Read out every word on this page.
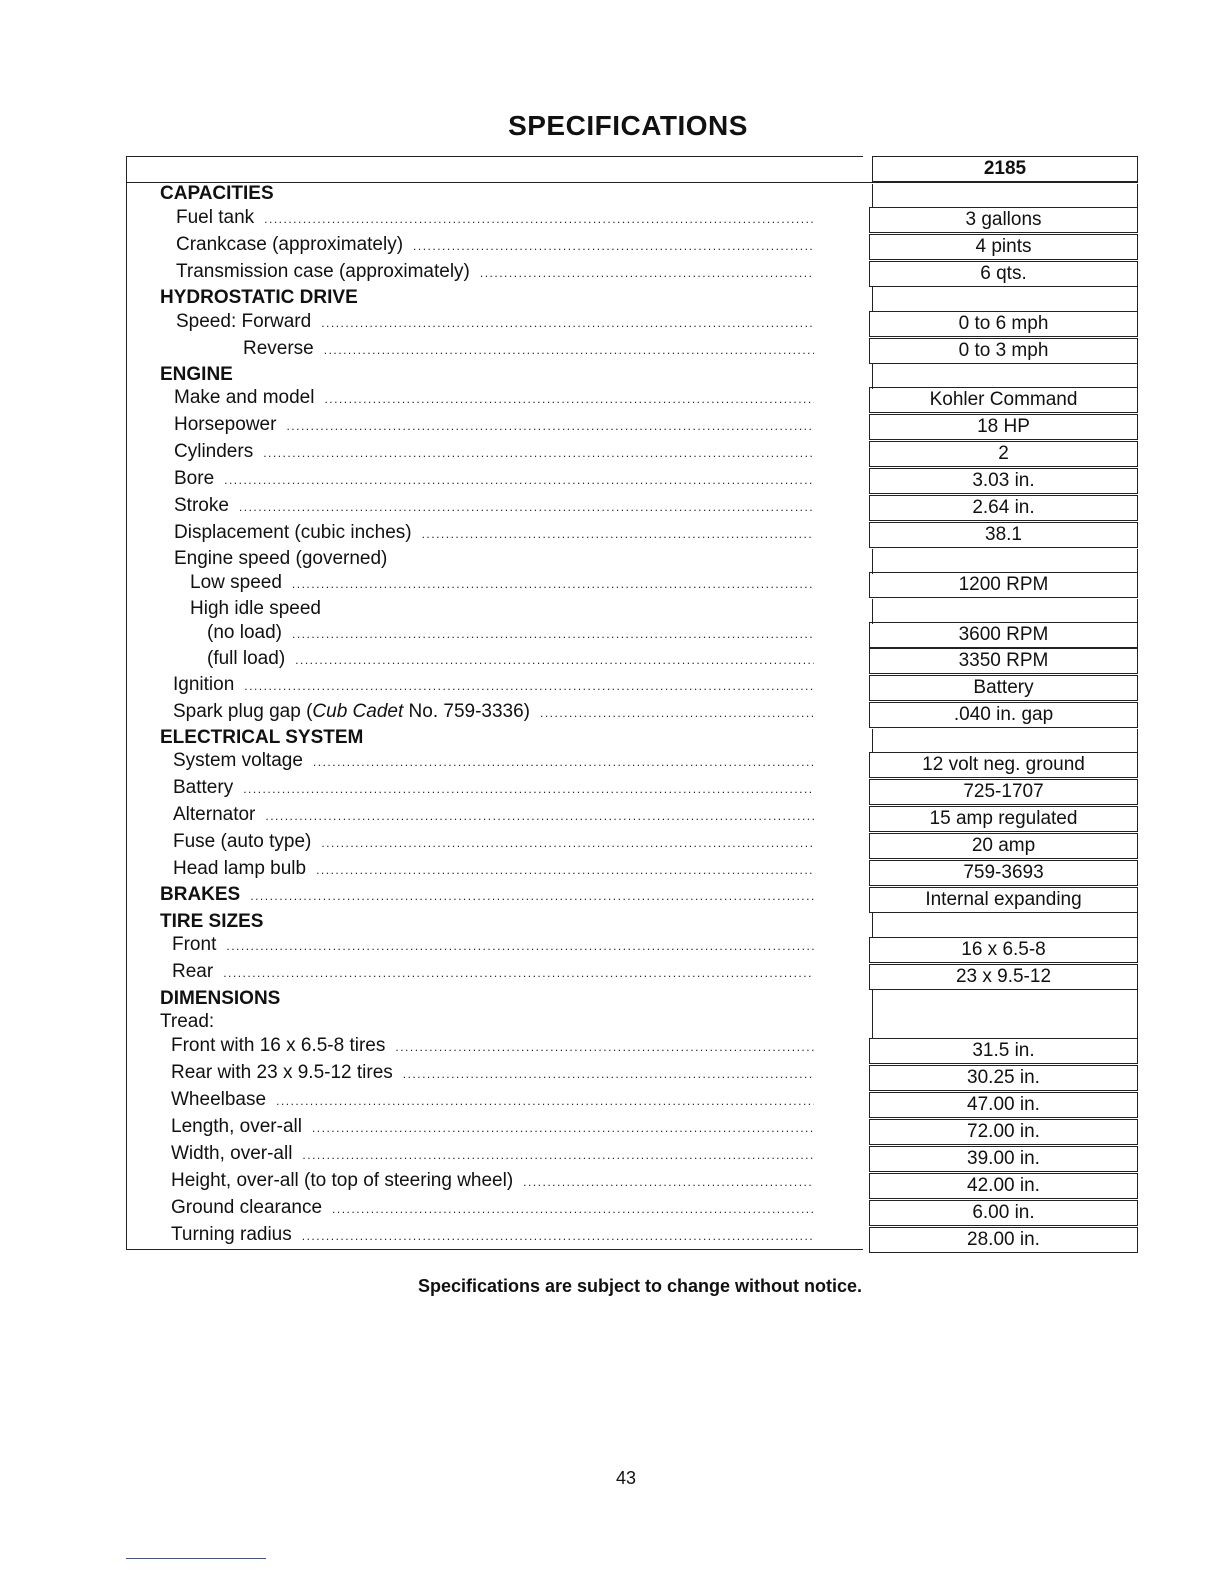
SPECIFICATIONS
2185
CAPACITIES
Fuel tank
.....
Crankcase (approximately)
.....
Transmission case (approximately)
.....
HYDROSTATIC DRIVE
Speed: Forward
.....
Reverse
.....
ENGINE
Make and model
.....
Horsepower
.....
Cylinders
.....
Bore
.....
Stroke
.....
Displacement (cubic inches)
.....
Engine speed (governed)
Low speed
.....
High idle speed
(no load)
.....
(full load)
.....
Ignition
.....
Spark plug gap (Cub Cadet No. 759-3336)
.....
ELECTRICAL SYSTEM
System voltage
.....
Battery
.....
Alternator
.....
Fuse (auto type)
.....
Head lamp bulb
.....
BRAKES
.....
TIRE SIZES
Front
.....
Rear
.....
DIMENSIONS
Tread:
Front with 16 x 6.5-8 tires
.....
Rear with 23 x 9.5-12 tires
.....
Wheelbase
.....
Length, over-all
.....
Width, over-all
.....
Height, over-all (to top of steering wheel)
.....
Ground clearance
.....
Turning radius
.....
3 gallons
4 pints
6 qts.
0 to 6 mph
0 to 3 mph
Kohler Command
18 HP
2
3.03 in.
2.64 in.
38.1
1200 RPM
3600 RPM
3350 RPM
Battery
.040 in. gap
12 volt neg. ground
725-1707
15 amp regulated
20 amp
759-3693
Internal expanding
16 x 6.5-8
23 x 9.5-12
31.5 in.
30.25 in.
47.00 in.
72.00 in.
39.00 in.
42.00 in.
6.00 in.
28.00 in.
Specifications are subject to change without notice.
43
